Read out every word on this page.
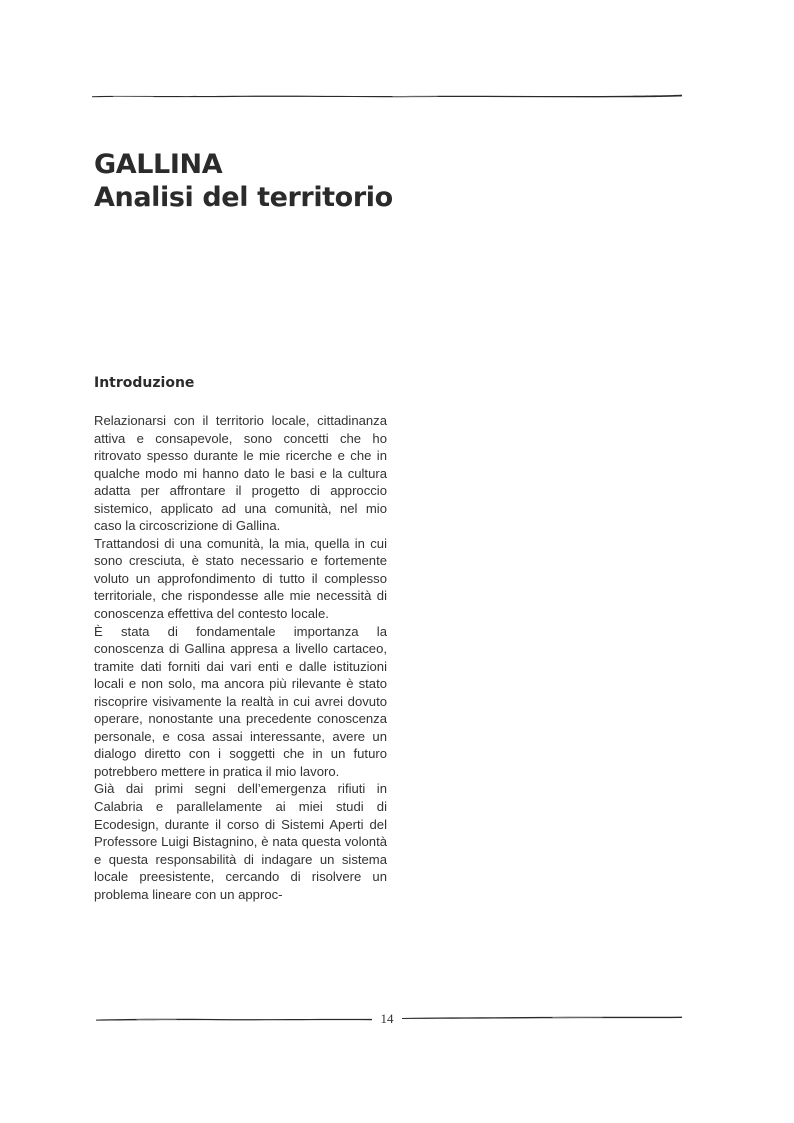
GALLINA
Analisi del territorio
Introduzione

Relazionarsi con il territorio locale, cittadinanza attiva e consapevole, sono concetti che ho ritrovato spesso durante le mie ricerche e che in qualche modo mi hanno dato le basi e la cultura adatta per affrontare il progetto di approccio sistemico, applicato ad una comunità, nel mio caso la circoscrizione di Gallina.

Trattandosi di una comunità, la mia, quella in cui sono cresciuta, è stato necessario e fortemente voluto un approfondimento di tutto il complesso territoriale, che rispondesse alle mie necessità di conoscenza effettiva del contesto locale.

È stata di fondamentale importanza la conoscenza di Gallina appresa a livello cartaceo, tramite dati forniti dai vari enti e dalle istituzioni locali e non solo, ma ancora più rilevante è stato riscoprire visivamente la realtà in cui avrei dovuto operare, nonostante una precedente conoscenza personale, e cosa assai interessante, avere un dialogo diretto con i soggetti che in un futuro potrebbero mettere in pratica il mio lavoro.

Già dai primi segni dell’emergenza rifiuti in Calabria e parallelamente ai miei studi di Ecodesign, durante il corso di Sistemi Aperti del Professore Luigi Bistagnino, è nata questa volontà e questa responsabilità di indagare un sistema locale preesistente, cercando di risolvere un problema lineare con un approc-

14
